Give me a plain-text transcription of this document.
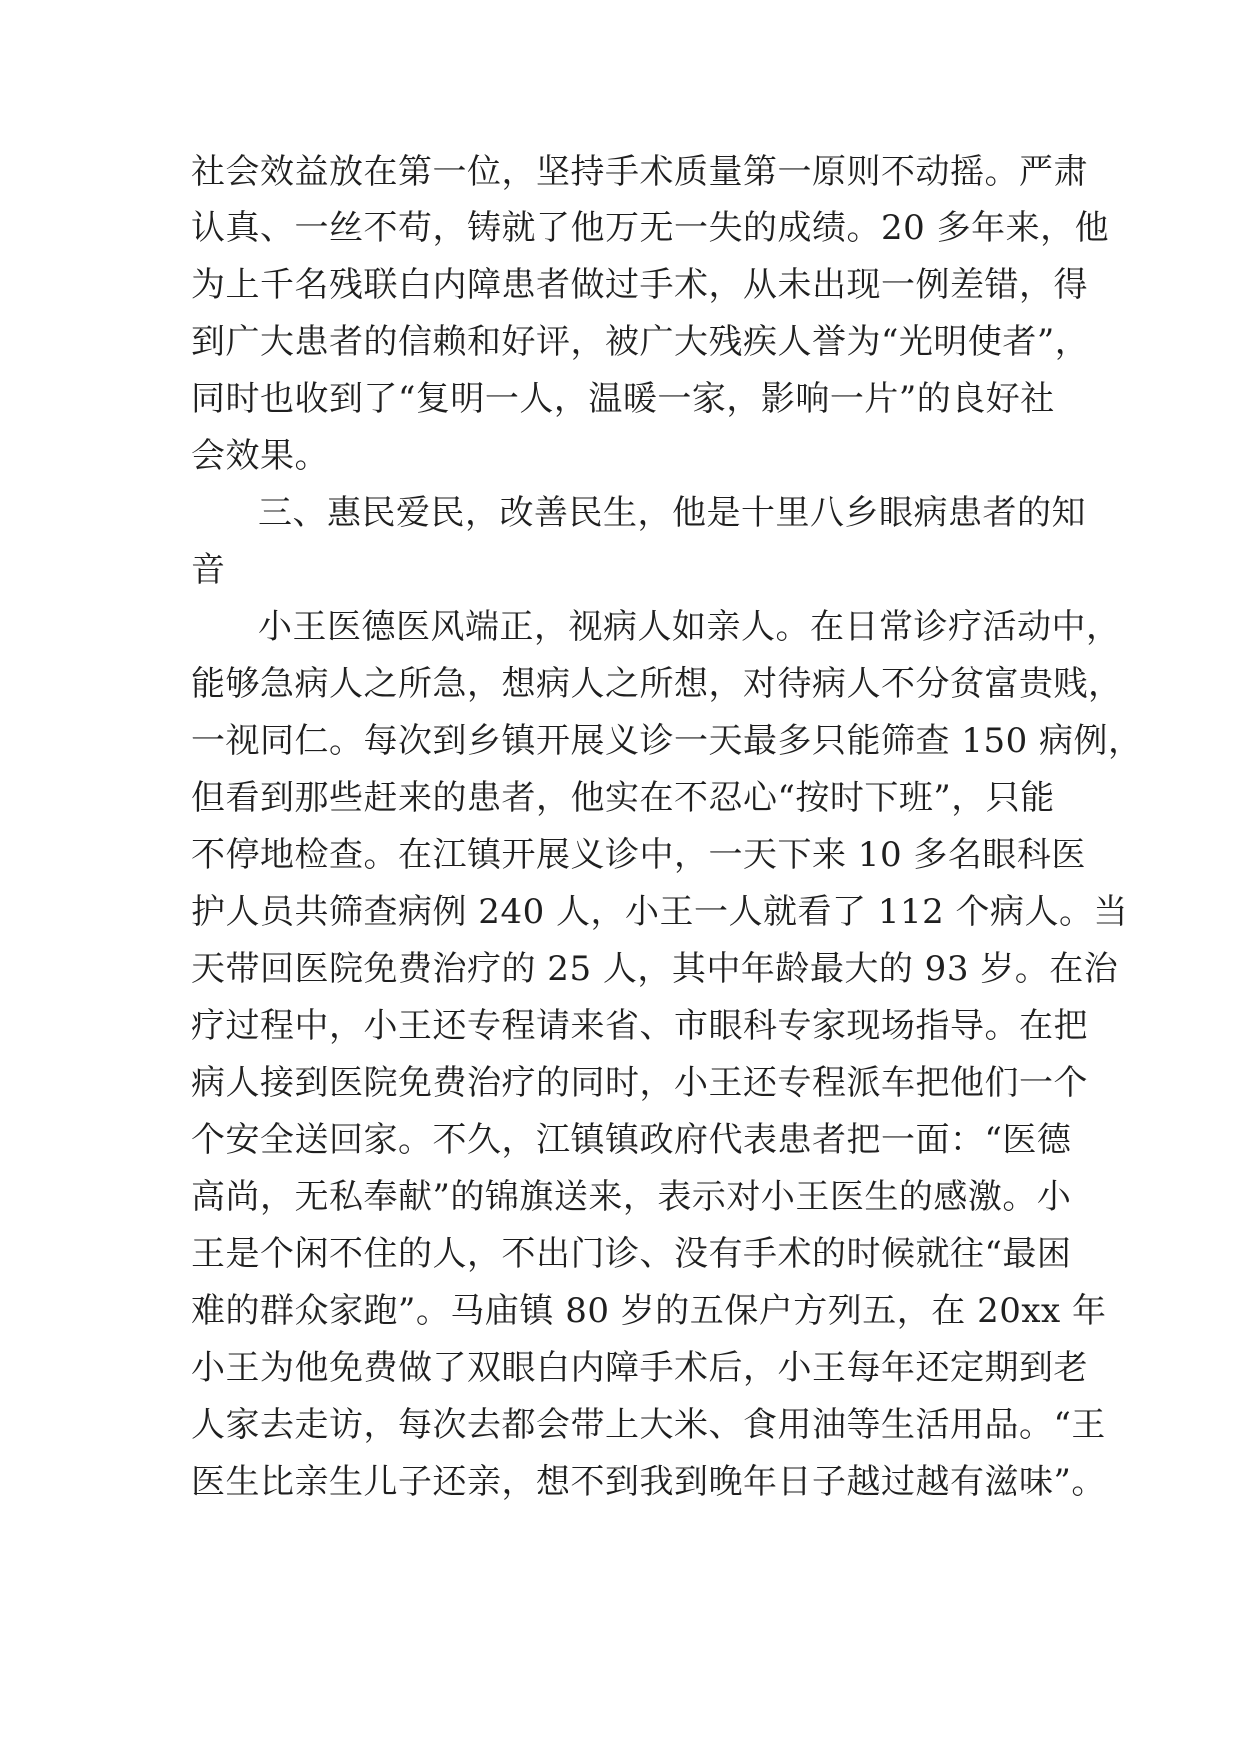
社会效益放在第一位，坚持手术质量第一原则不动摇。严肃
认真、一丝不苟，铸就了他万无一失的成绩。20 多年来，他
为上千名残联白内障患者做过手术，从未出现一例差错，得
到广大患者的信赖和好评，被广大残疾人誉为“光明使者”，
同时也收到了“复明一人，温暖一家，影响一片”的良好社
会效果。
三、惠民爱民，改善民生，他是十里八乡眼病患者的知
音
小王医德医风端正，视病人如亲人。在日常诊疗活动中，
能够急病人之所急，想病人之所想，对待病人不分贫富贵贱，
一视同仁。每次到乡镇开展义诊一天最多只能筛查 150 病例，
但看到那些赶来的患者，他实在不忍心“按时下班”，只能
不停地检查。在江镇开展义诊中，一天下来 10 多名眼科医
护人员共筛查病例 240 人，小王一人就看了 112 个病人。当
天带回医院免费治疗的 25 人，其中年龄最大的 93 岁。在治
疗过程中，小王还专程请来省、市眼科专家现场指导。在把
病人接到医院免费治疗的同时，小王还专程派车把他们一个
个安全送回家。不久，江镇镇政府代表患者把一面：“医德
高尚，无私奉献”的锦旗送来，表示对小王医生的感激。小
王是个闲不住的人，不出门诊、没有手术的时候就往“最困
难的群众家跑”。马庙镇 80 岁的五保户方列五，在 20xx 年
小王为他免费做了双眼白内障手术后，小王每年还定期到老
人家去走访，每次去都会带上大米、食用油等生活用品。“王
医生比亲生儿子还亲，想不到我到晚年日子越过越有滋味”。
